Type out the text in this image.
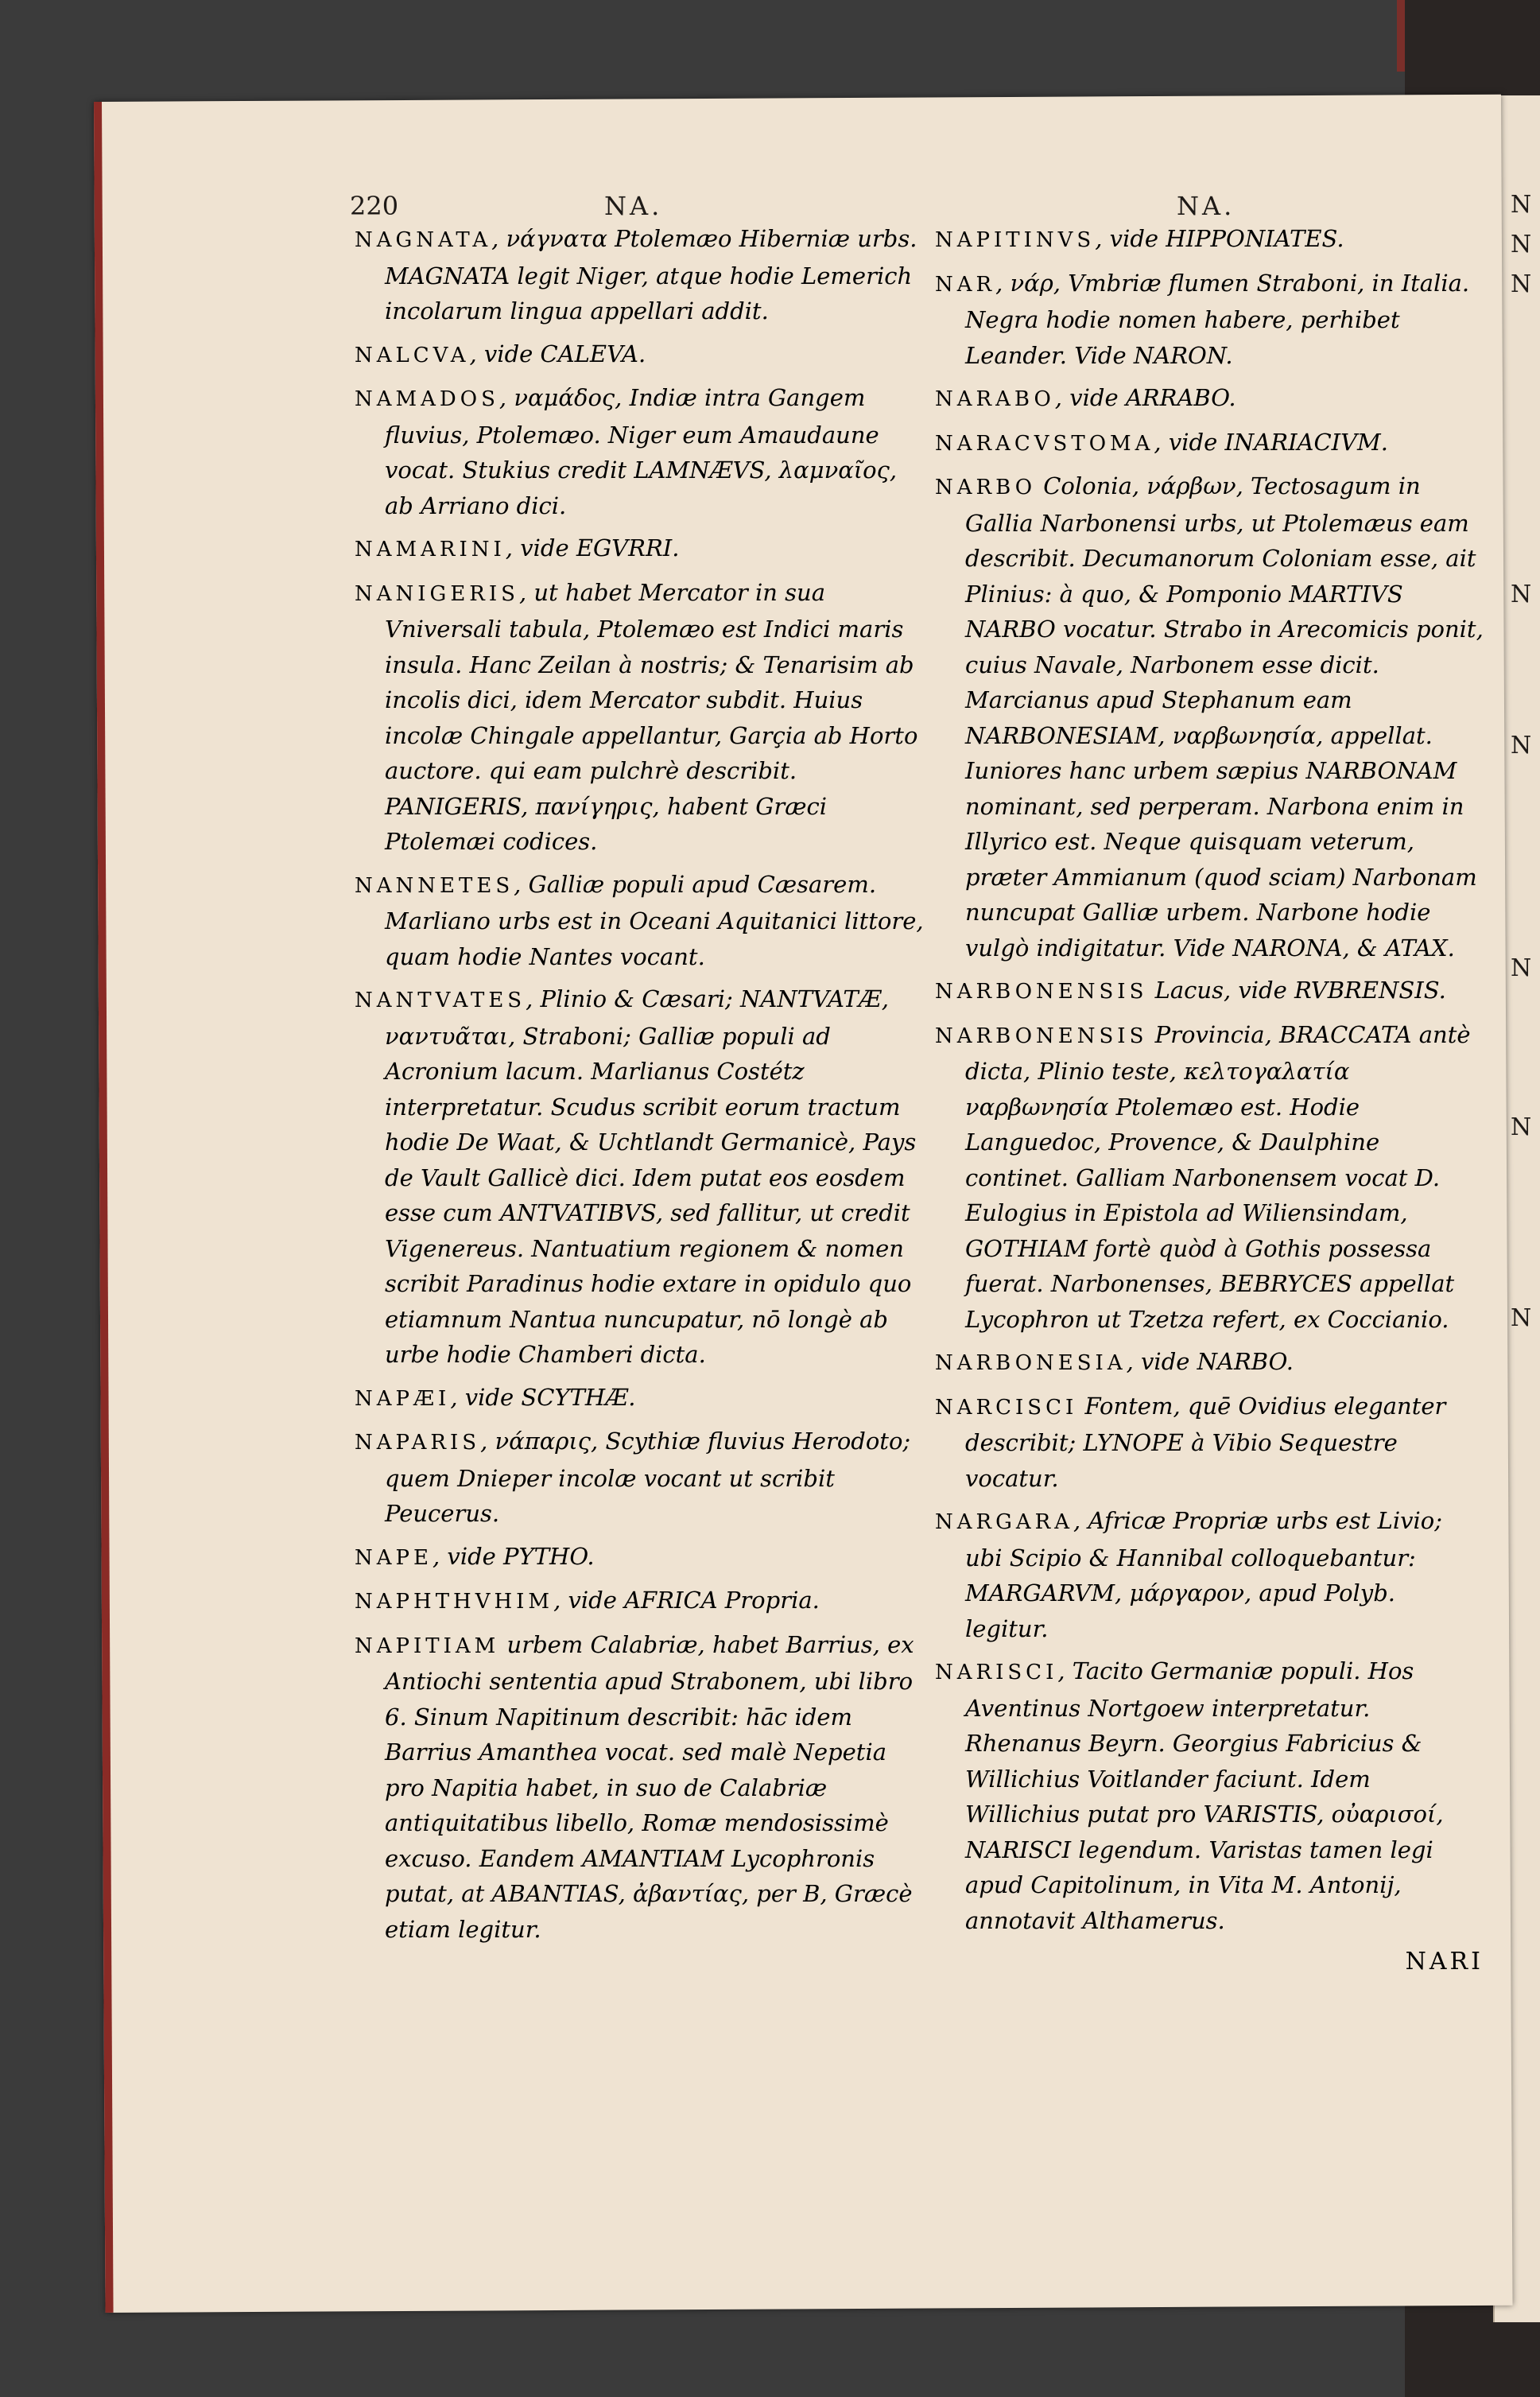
N
N
N
N
N
N
N
N
220	NA.	NA.

NAGNATA, νάγνατα Ptolemæo Hiberniæ urbs. MAGNATA legit Niger, atque hodie Lemerich incolarum lingua appellari addit.

NALCVA, vide CALEVA.

NAMADOS, ναμάδος, Indiæ intra Gangem fluvius, Ptolemæo. Niger eum Amaudaune vocat. Stukius credit LAMNÆVS, λαμναῖος, ab Arriano dici.

NAMARINI, vide EGVRRI.

NANIGERIS, ut habet Mercator in sua Vniversali tabula, Ptolemæo est Indici maris insula. Hanc Zeilan à nostris; & Tenarisim ab incolis dici, idem Mercator subdit. Huius incolæ Chingale appellantur, Garçia ab Horto auctore. qui eam pulchrè describit. PANIGERIS, πανίγηρις, habent Græci Ptolemæi codices.

NANNETES, Galliæ populi apud Cæsarem. Marliano urbs est in Oceani Aquitanici littore, quam hodie Nantes vocant.

NANTVATES, Plinio & Cæsari; NANTVATÆ, ναντυᾶται, Straboni; Galliæ populi ad Acronium lacum. Marlianus Costétz interpretatur. Scudus scribit eorum tractum hodie De Waat, & Uchtlandt Germanicè, Pays de Vault Gallicè dici. Idem putat eos eosdem esse cum ANTVATIBVS, sed fallitur, ut credit Vigenereus. Nantuatium regionem & nomen scribit Paradinus hodie extare in opidulo quo etiamnum Nantua nuncupatur, nō longè ab urbe hodie Chamberi dicta.

NAPÆI, vide SCYTHÆ.

NAPARIS, νάπαρις, Scythiæ fluvius Herodoto; quem Dnieper incolæ vocant ut scribit Peucerus.

NAPE, vide PYTHO.

NAPHTHVHIM, vide AFRICA Propria.

NAPITIAM urbem Calabriæ, habet Barrius, ex Antiochi sententia apud Strabonem, ubi libro 6. Sinum Napitinum describit: hāc idem Barrius Amanthea vocat. sed malè Nepetia pro Napitia habet, in suo de Calabriæ antiquitatibus libello, Romæ mendosissimè excuso. Eandem AMANTIAM Lycophronis putat, at ABANTIAS, ἀβαντίας, per B, Græcè etiam legitur.

NAPITINVS, vide HIPPONIATES.

NAR, νάρ, Vmbriæ flumen Straboni, in Italia. Negra hodie nomen habere, perhibet Leander. Vide NARON.

NARABO, vide ARRABO.

NARACVSTOMA, vide INARIACIVM.

NARBO Colonia, νάρβων, Tectosagum in Gallia Narbonensi urbs, ut Ptolemæus eam describit. Decumanorum Coloniam esse, ait Plinius: à quo, & Pomponio MARTIVS NARBO vocatur. Strabo in Arecomicis ponit, cuius Navale, Narbonem esse dicit. Marcianus apud Stephanum eam NARBONESIAM, ναρβωνησία, appellat. Iuniores hanc urbem sæpius NARBONAM nominant, sed perperam. Narbona enim in Illyrico est. Neque quisquam veterum, præter Ammianum (quod sciam) Narbonam nuncupat Galliæ urbem. Narbone hodie vulgò indigitatur. Vide NARONA, & ATAX.

NARBONENSIS Lacus, vide RVBRENSIS.

NARBONENSIS Provincia, BRACCATA antè dicta, Plinio teste, κελτογαλατία ναρβωνησία Ptolemæo est. Hodie Languedoc, Provence, & Daulphine continet. Galliam Narbonensem vocat D. Eulogius in Epistola ad Wiliensindam, GOTHIAM fortè quòd à Gothis possessa fuerat. Narbonenses, BEBRYCES appellat Lycophron ut Tzetza refert, ex Coccianio.

NARBONESIA, vide NARBO.

NARCISCI Fontem, quē Ovidius eleganter describit; LYNOPE à Vibio Sequestre vocatur.

NARGARA, Africæ Propriæ urbs est Livio; ubi Scipio & Hannibal colloquebantur: MARGARVM, μάργαρον, apud Polyb. legitur.

NARISCI, Tacito Germaniæ populi. Hos Aventinus Nortgoew interpretatur. Rhenanus Beyrn. Georgius Fabricius & Willichius Voitlander faciunt. Idem Willichius putat pro VARISTIS, οὐαρισοί, NARISCI legendum. Varistas tamen legi apud Capitolinum, in Vita M. Antonij, annotavit Althamerus.

NARI
